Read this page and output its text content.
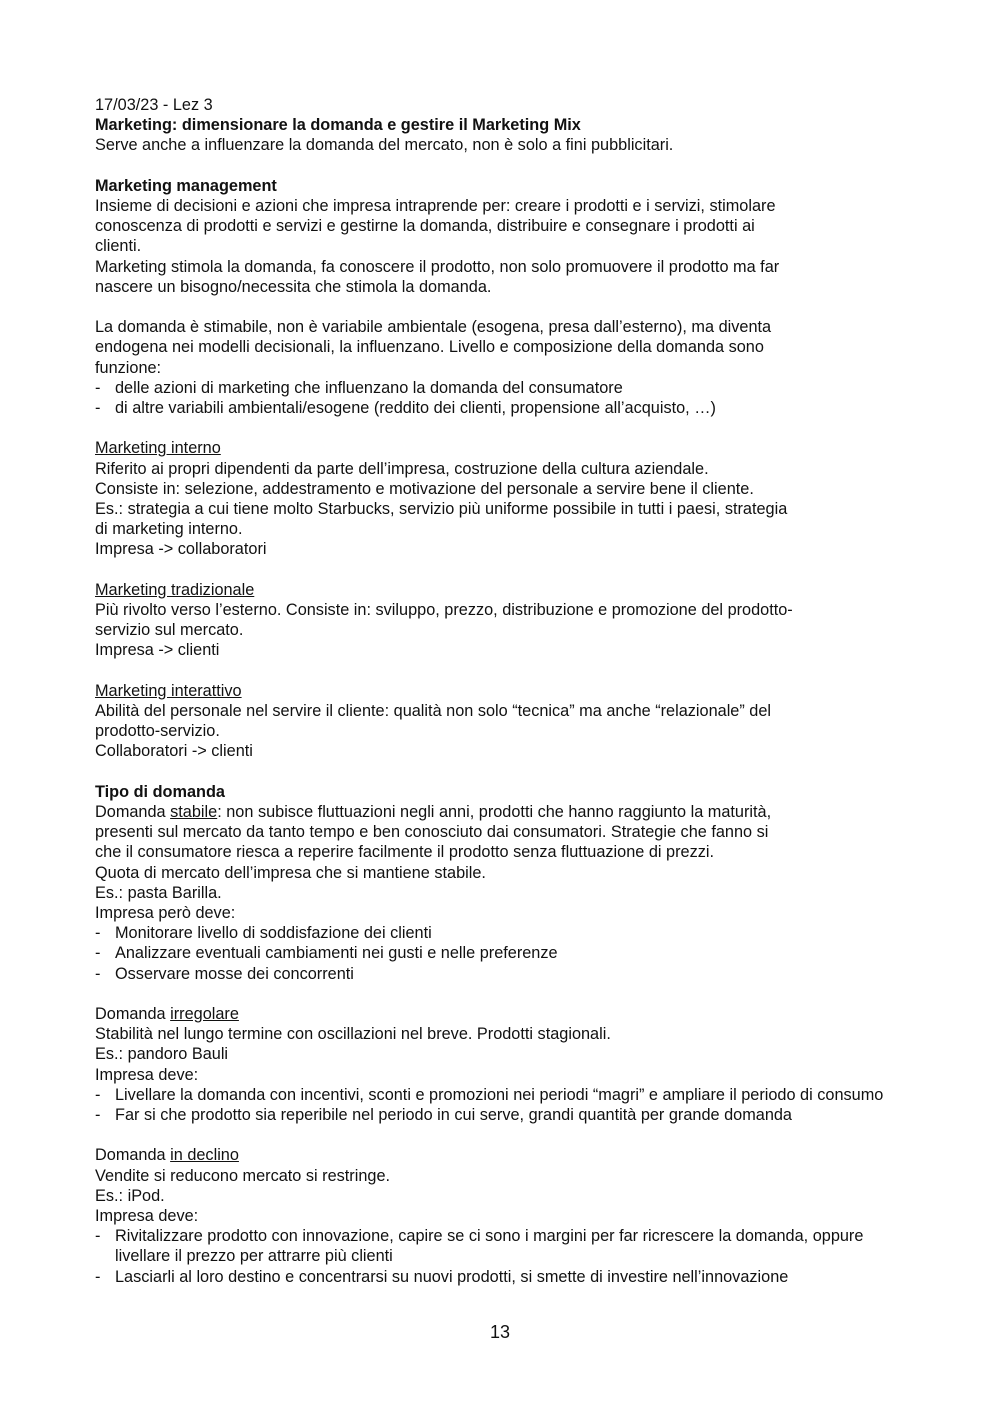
17/03/23 - Lez 3
Marketing: dimensionare la domanda e gestire il Marketing Mix
Serve anche a influenzare la domanda del mercato, non è solo a fini pubblicitari.
Marketing management
Insieme di decisioni e azioni che impresa intraprende per: creare i prodotti e i servizi, stimolare
conoscenza di prodotti e servizi e gestirne la domanda, distribuire e consegnare i prodotti ai
clienti.
Marketing stimola la domanda, fa conoscere il prodotto, non solo promuovere il prodotto ma far
nascere un bisogno/necessita che stimola la domanda.
La domanda è stimabile, non è variabile ambientale (esogena, presa dall’esterno), ma diventa
endogena nei modelli decisionali, la influenzano. Livello e composizione della domanda sono
funzione:
- delle azioni di marketing che influenzano la domanda del consumatore
- di altre variabili ambientali/esogene (reddito dei clienti, propensione all’acquisto, …)
Marketing interno
Riferito ai propri dipendenti da parte dell’impresa, costruzione della cultura aziendale.
Consiste in: selezione, addestramento e motivazione del personale a servire bene il cliente.
Es.: strategia a cui tiene molto Starbucks, servizio più uniforme possibile in tutti i paesi, strategia
di marketing interno.
Impresa -> collaboratori
Marketing tradizionale
Più rivolto verso l’esterno. Consiste in: sviluppo, prezzo, distribuzione e promozione del prodotto-
servizio sul mercato.
Impresa -> clienti
Marketing interattivo
Abilità del personale nel servire il cliente: qualità non solo “tecnica” ma anche “relazionale” del
prodotto-servizio.
Collaboratori -> clienti
Tipo di domanda
Domanda stabile: non subisce fluttuazioni negli anni, prodotti che hanno raggiunto la maturità,
presenti sul mercato da tanto tempo e ben conosciuto dai consumatori. Strategie che fanno si
che il consumatore riesca a reperire facilmente il prodotto senza fluttuazione di prezzi.
Quota di mercato dell’impresa che si mantiene stabile.
Es.: pasta Barilla.
Impresa però deve:
- Monitorare livello di soddisfazione dei clienti
- Analizzare eventuali cambiamenti nei gusti e nelle preferenze
- Osservare mosse dei concorrenti
Domanda irregolare
Stabilità nel lungo termine con oscillazioni nel breve. Prodotti stagionali.
Es.: pandoro Bauli
Impresa deve:
- Livellare la domanda con incentivi, sconti e promozioni nei periodi “magri” e ampliare il periodo di consumo
- Far si che prodotto sia reperibile nel periodo in cui serve, grandi quantità per grande domanda
Domanda in declino
Vendite si reducono mercato si restringe.
Es.: iPod.
Impresa deve:
- Rivitalizzare prodotto con innovazione, capire se ci sono i margini per far ricrescere la domanda, oppure livellare il prezzo per attrarre più clienti
- Lasciarli al loro destino e concentrarsi su nuovi prodotti, si smette di investire nell’innovazione
13
